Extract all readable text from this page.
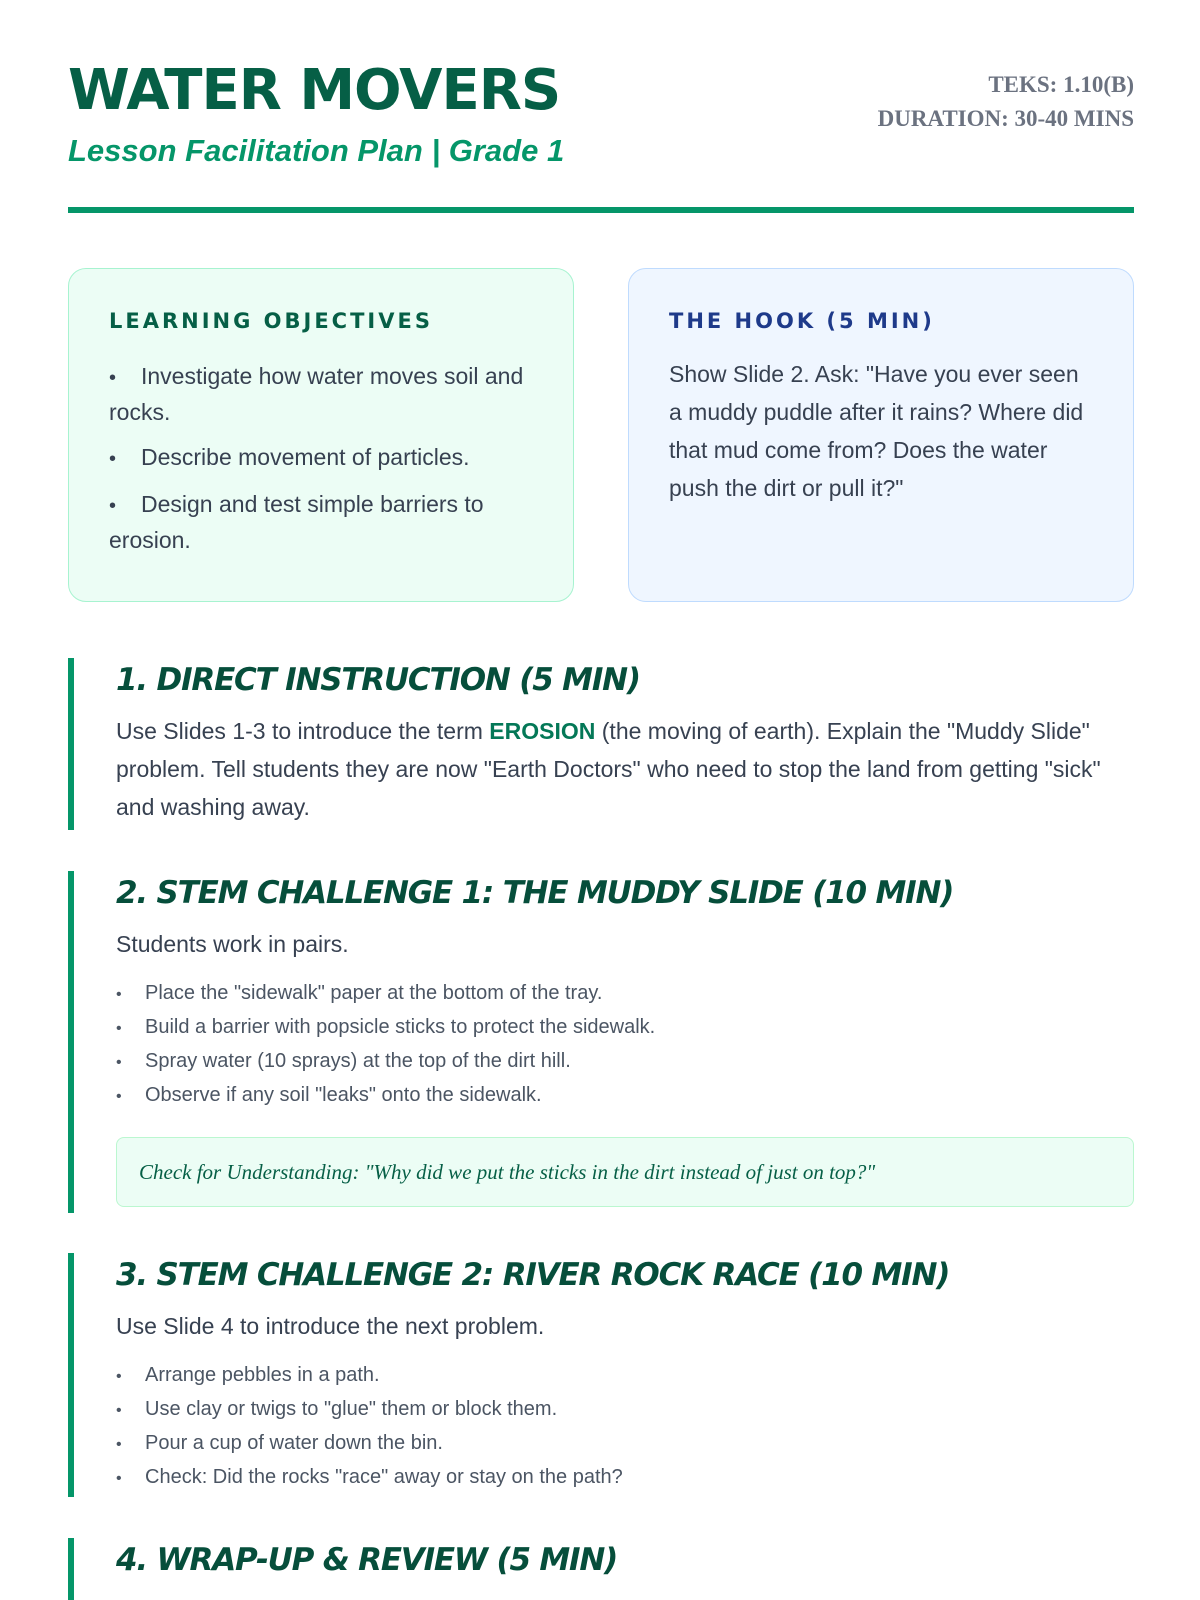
WATER MOVERS
Lesson Facilitation Plan | Grade 1
TEKS: 1.10(B)
DURATION: 30-40 MINS
LEARNING OBJECTIVES
• Investigate how water moves soil and rocks.
• Describe movement of particles.
• Design and test simple barriers to erosion.
THE HOOK (5 MIN)

Show Slide 2. Ask: "Have you ever seen a muddy puddle after it rains? Where did that mud come from? Does the water push the dirt or pull it?"

1. DIRECT INSTRUCTION (5 MIN)

Use Slides 1-3 to introduce the term EROSION (the moving of earth). Explain the "Muddy Slide" problem. Tell students they are now "Earth Doctors" who need to stop the land from getting "sick" and washing away.

2. STEM CHALLENGE 1: THE MUDDY SLIDE (10 MIN)

Students work in pairs.

• Place the "sidewalk" paper at the bottom of the tray.
• Build a barrier with popsicle sticks to protect the sidewalk.
• Spray water (10 sprays) at the top of the dirt hill.
• Observe if any soil "leaks" onto the sidewalk.
Check for Understanding: "Why did we put the sticks in the dirt instead of just on top?"
3. STEM CHALLENGE 2: RIVER ROCK RACE (10 MIN)

Use Slide 4 to introduce the next problem.

• Arrange pebbles in a path.
• Use clay or twigs to "glue" them or block them.
• Pour a cup of water down the bin.
• Check: Did the rocks "race" away or stay on the path?
4. WRAP-UP & REVIEW (5 MIN)
